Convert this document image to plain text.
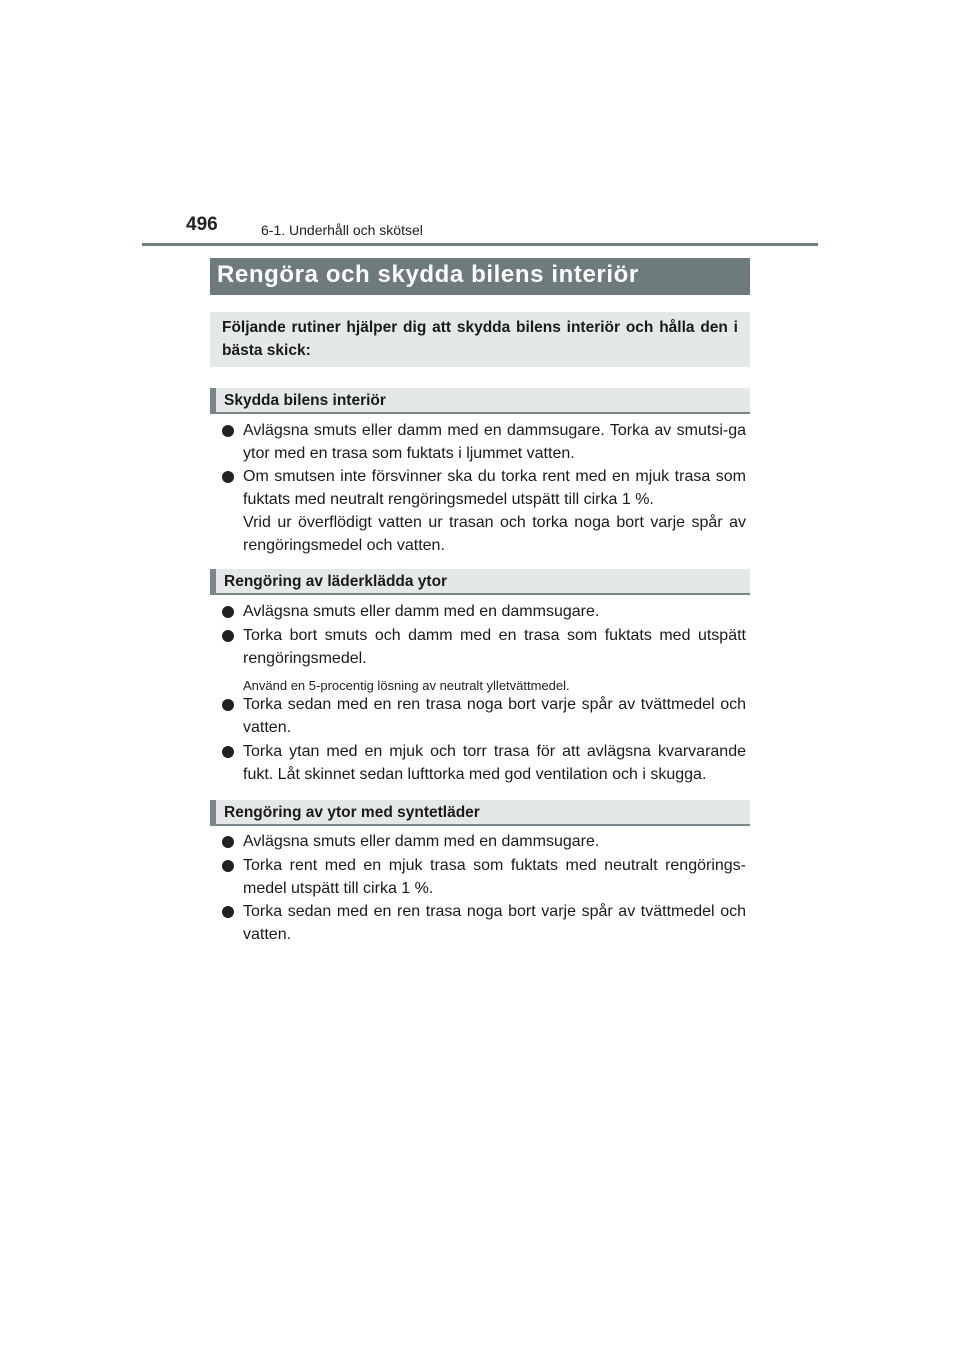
496	6-1. Underhåll och skötsel
Rengöra och skydda bilens interiör

Följande rutiner hjälper dig att skydda bilens interiör och hålla den i bästa skick:

Skydda bilens interiör

Avlägsna smuts eller damm med en dammsugare. Torka av smutsi-ga ytor med en trasa som fuktats i ljummet vatten.

Om smutsen inte försvinner ska du torka rent med en mjuk trasa som fuktats med neutralt rengöringsmedel utspätt till cirka 1 %.

Vrid ur överflödigt vatten ur trasan och torka noga bort varje spår av rengöringsmedel och vatten.

Rengöring av läderklädda ytor

Avlägsna smuts eller damm med en dammsugare.

Torka bort smuts och damm med en trasa som fuktats med utspätt rengöringsmedel.

Använd en 5-procentig lösning av neutralt ylletvättmedel.

Torka sedan med en ren trasa noga bort varje spår av tvättmedel och vatten.

Torka ytan med en mjuk och torr trasa för att avlägsna kvarvarande fukt. Låt skinnet sedan lufttorka med god ventilation och i skugga.

Rengöring av ytor med syntetläder

Avlägsna smuts eller damm med en dammsugare.

Torka rent med en mjuk trasa som fuktats med neutralt rengörings-medel utspätt till cirka 1 %.

Torka sedan med en ren trasa noga bort varje spår av tvättmedel och vatten.
